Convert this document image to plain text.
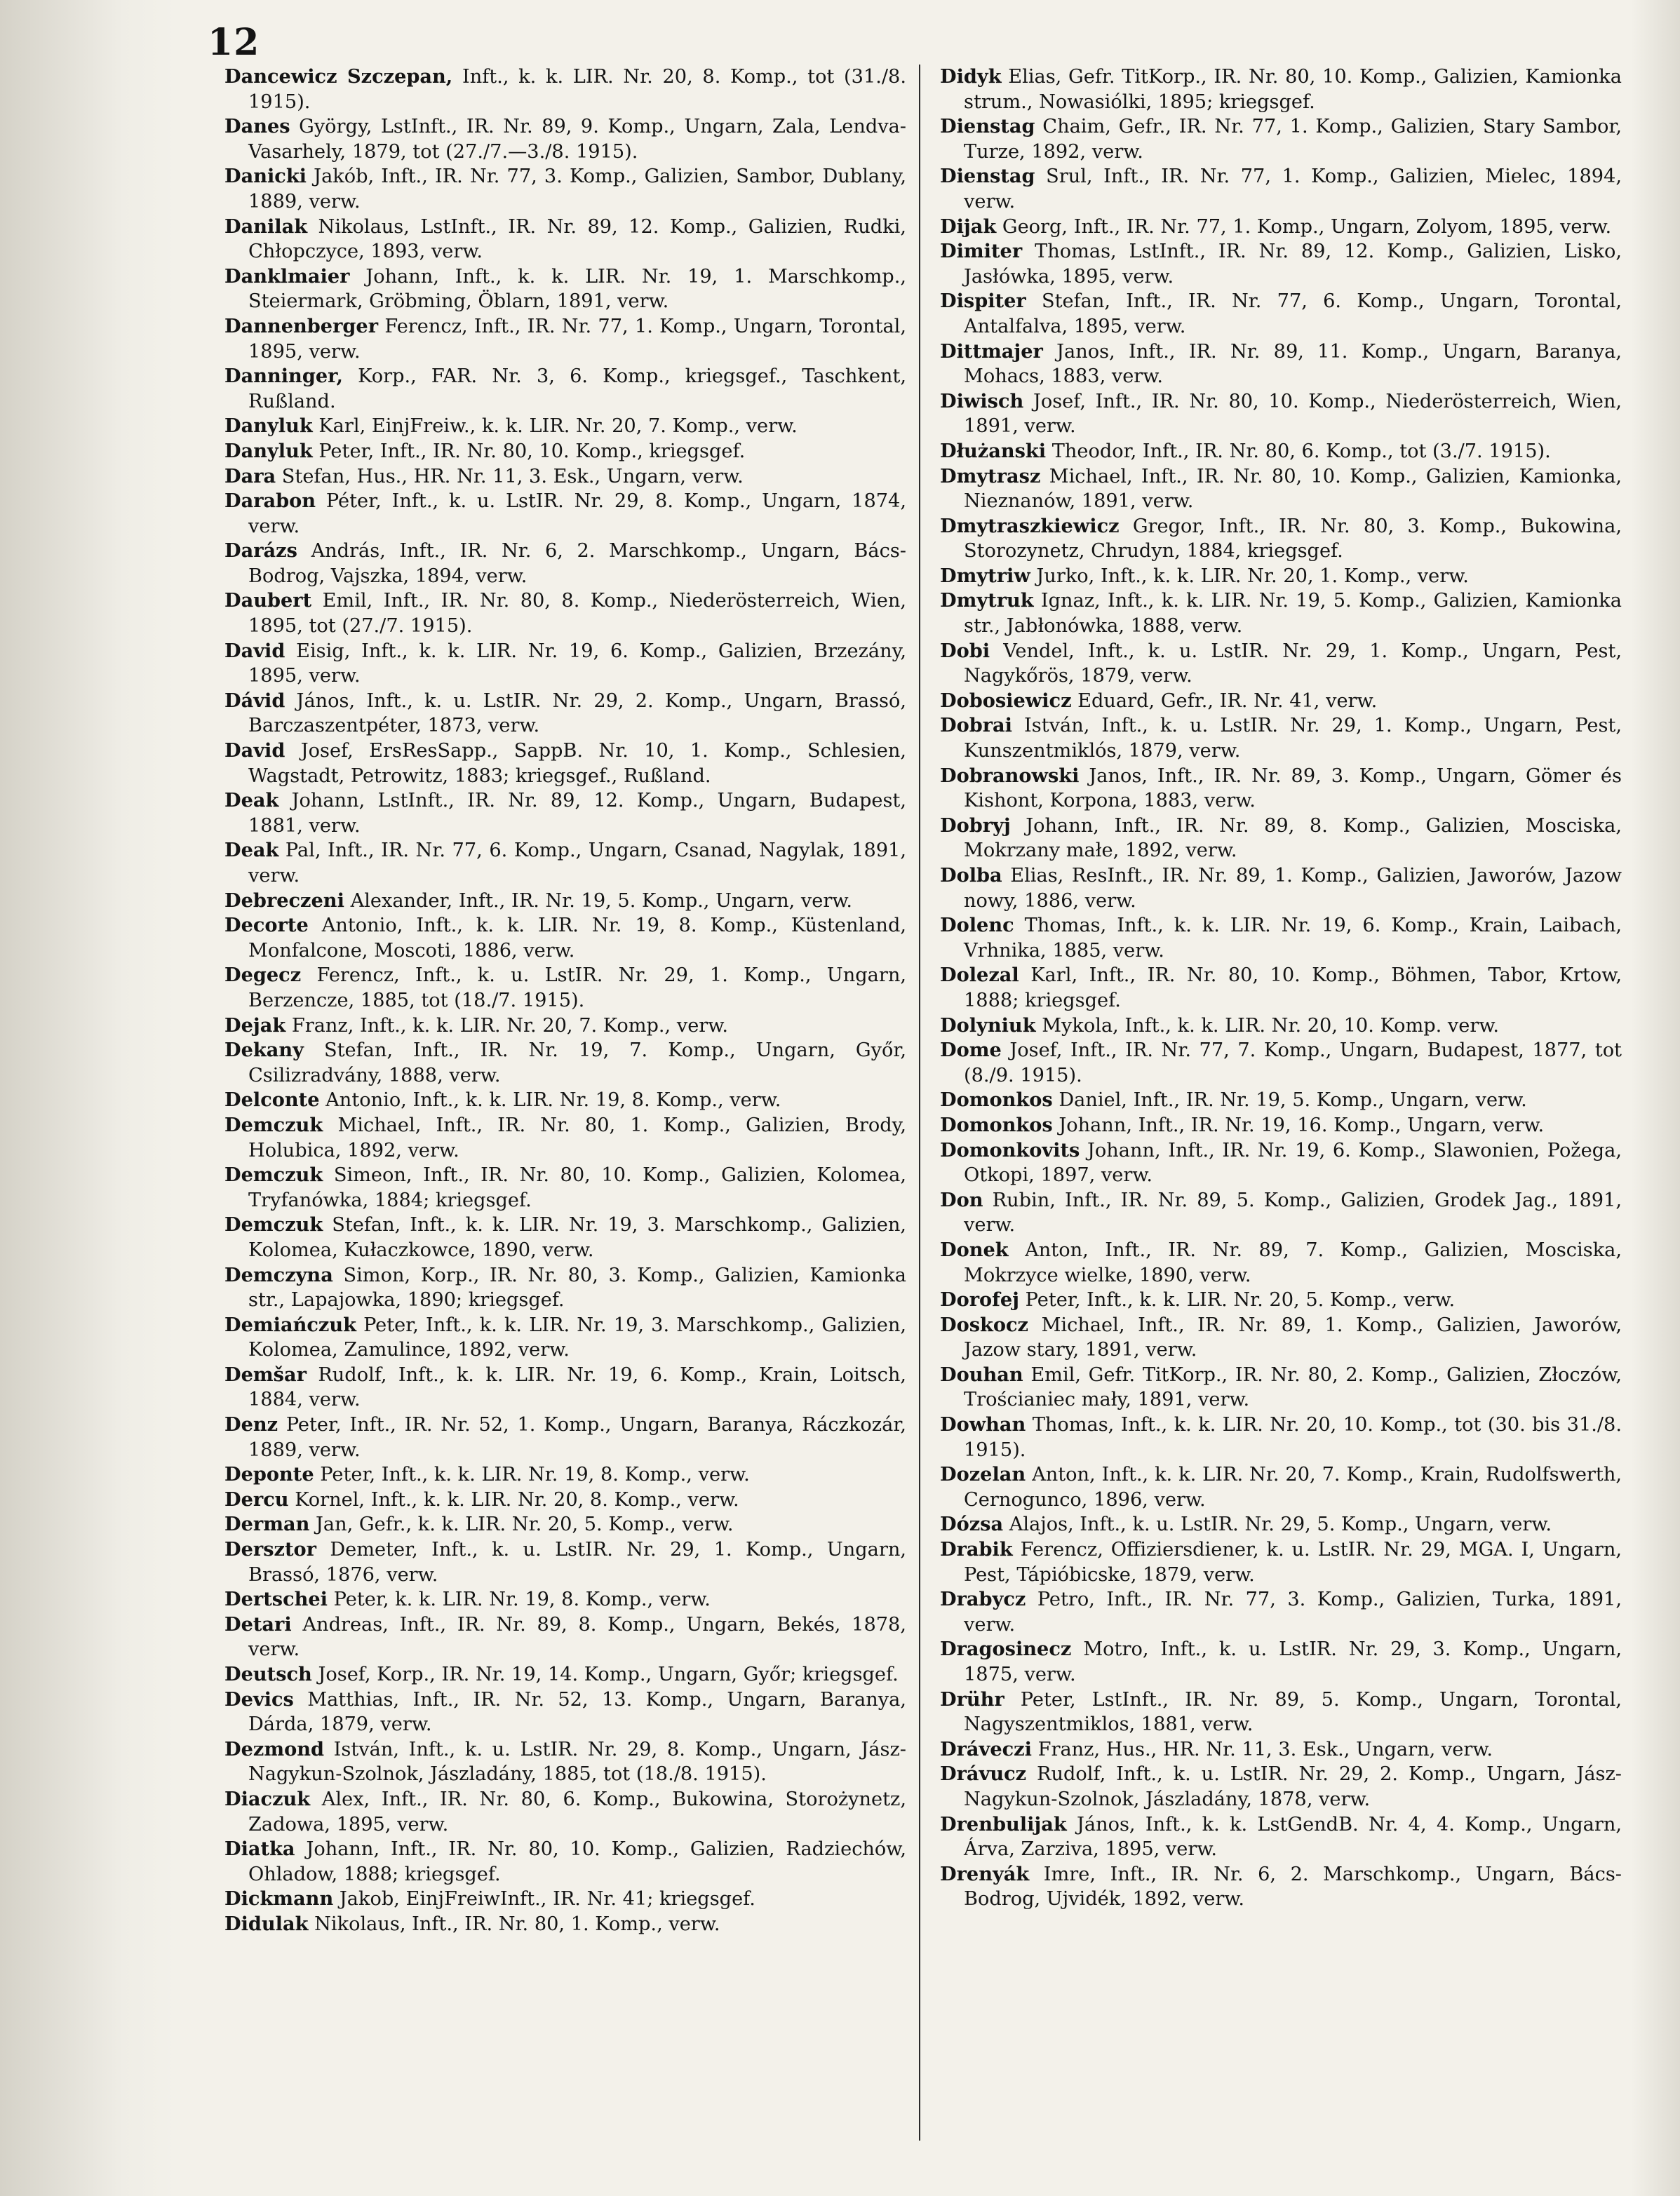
12

Dancewicz Szczepan, Inft., k. k. LIR. Nr. 20, 8. Komp., tot (31./8. 1915).

Danes György, LstInft., IR. Nr. 89, 9. Komp., Ungarn, Zala, Lendva-Vasarhely, 1879, tot (27./7.—3./8. 1915).

Danicki Jakób, Inft., IR. Nr. 77, 3. Komp., Galizien, Sambor, Dublany, 1889, verw.

Danilak Nikolaus, LstInft., IR. Nr. 89, 12. Komp., Galizien, Rudki, Chłopczyce, 1893, verw.

Danklmaier Johann, Inft., k. k. LIR. Nr. 19, 1. Marschkomp., Steiermark, Gröbming, Öblarn, 1891, verw.

Dannenberger Ferencz, Inft., IR. Nr. 77, 1. Komp., Ungarn, Torontal, 1895, verw.

Danninger, Korp., FAR. Nr. 3, 6. Komp., kriegsgef., Taschkent, Rußland.

Danyluk Karl, EinjFreiw., k. k. LIR. Nr. 20, 7. Komp., verw.

Danyluk Peter, Inft., IR. Nr. 80, 10. Komp., kriegsgef.

Dara Stefan, Hus., HR. Nr. 11, 3. Esk., Ungarn, verw.

Darabon Péter, Inft., k. u. LstIR. Nr. 29, 8. Komp., Ungarn, 1874, verw.

Darázs András, Inft., IR. Nr. 6, 2. Marschkomp., Ungarn, Bács-Bodrog, Vajszka, 1894, verw.

Daubert Emil, Inft., IR. Nr. 80, 8. Komp., Niederösterreich, Wien, 1895, tot (27./7. 1915).

David Eisig, Inft., k. k. LIR. Nr. 19, 6. Komp., Galizien, Brzezány, 1895, verw.

Dávid János, Inft., k. u. LstIR. Nr. 29, 2. Komp., Ungarn, Brassó, Barczaszentpéter, 1873, verw.

David Josef, ErsResSapp., SappB. Nr. 10, 1. Komp., Schlesien, Wagstadt, Petrowitz, 1883; kriegsgef., Rußland.

Deak Johann, LstInft., IR. Nr. 89, 12. Komp., Ungarn, Budapest, 1881, verw.

Deak Pal, Inft., IR. Nr. 77, 6. Komp., Ungarn, Csanad, Nagylak, 1891, verw.

Debreczeni Alexander, Inft., IR. Nr. 19, 5. Komp., Ungarn, verw.

Decorte Antonio, Inft., k. k. LIR. Nr. 19, 8. Komp., Küstenland, Monfalcone, Moscoti, 1886, verw.

Degecz Ferencz, Inft., k. u. LstIR. Nr. 29, 1. Komp., Ungarn, Berzencze, 1885, tot (18./7. 1915).

Dejak Franz, Inft., k. k. LIR. Nr. 20, 7. Komp., verw.

Dekany Stefan, Inft., IR. Nr. 19, 7. Komp., Ungarn, Győr, Csilizradvány, 1888, verw.

Delconte Antonio, Inft., k. k. LIR. Nr. 19, 8. Komp., verw.

Demczuk Michael, Inft., IR. Nr. 80, 1. Komp., Galizien, Brody, Holubica, 1892, verw.

Demczuk Simeon, Inft., IR. Nr. 80, 10. Komp., Galizien, Kolomea, Tryfanówka, 1884; kriegsgef.

Demczuk Stefan, Inft., k. k. LIR. Nr. 19, 3. Marschkomp., Galizien, Kolomea, Kułaczkowce, 1890, verw.

Demczyna Simon, Korp., IR. Nr. 80, 3. Komp., Galizien, Kamionka str., Lapajowka, 1890; kriegsgef.

Demiańczuk Peter, Inft., k. k. LIR. Nr. 19, 3. Marschkomp., Galizien, Kolomea, Zamulince, 1892, verw.

Demšar Rudolf, Inft., k. k. LIR. Nr. 19, 6. Komp., Krain, Loitsch, 1884, verw.

Denz Peter, Inft., IR. Nr. 52, 1. Komp., Ungarn, Baranya, Ráczkozár, 1889, verw.

Deponte Peter, Inft., k. k. LIR. Nr. 19, 8. Komp., verw.

Dercu Kornel, Inft., k. k. LIR. Nr. 20, 8. Komp., verw.

Derman Jan, Gefr., k. k. LIR. Nr. 20, 5. Komp., verw.

Dersztor Demeter, Inft., k. u. LstIR. Nr. 29, 1. Komp., Ungarn, Brassó, 1876, verw.

Dertschei Peter, k. k. LIR. Nr. 19, 8. Komp., verw.

Detari Andreas, Inft., IR. Nr. 89, 8. Komp., Ungarn, Bekés, 1878, verw.

Deutsch Josef, Korp., IR. Nr. 19, 14. Komp., Ungarn, Győr; kriegsgef.

Devics Matthias, Inft., IR. Nr. 52, 13. Komp., Ungarn, Baranya, Dárda, 1879, verw.

Dezmond István, Inft., k. u. LstIR. Nr. 29, 8. Komp., Ungarn, Jász-Nagykun-Szolnok, Jászladány, 1885, tot (18./8. 1915).

Diaczuk Alex, Inft., IR. Nr. 80, 6. Komp., Bukowina, Storożynetz, Zadowa, 1895, verw.

Diatka Johann, Inft., IR. Nr. 80, 10. Komp., Galizien, Radziechów, Ohladow, 1888; kriegsgef.

Dickmann Jakob, EinjFreiwInft., IR. Nr. 41; kriegsgef.

Didulak Nikolaus, Inft., IR. Nr. 80, 1. Komp., verw.

Didyk Elias, Gefr. TitKorp., IR. Nr. 80, 10. Komp., Galizien, Kamionka strum., Nowasiólki, 1895; kriegsgef.

Dienstag Chaim, Gefr., IR. Nr. 77, 1. Komp., Galizien, Stary Sambor, Turze, 1892, verw.

Dienstag Srul, Inft., IR. Nr. 77, 1. Komp., Galizien, Mielec, 1894, verw.

Dijak Georg, Inft., IR. Nr. 77, 1. Komp., Ungarn, Zolyom, 1895, verw.

Dimiter Thomas, LstInft., IR. Nr. 89, 12. Komp., Galizien, Lisko, Jasłówka, 1895, verw.

Dispiter Stefan, Inft., IR. Nr. 77, 6. Komp., Ungarn, Torontal, Antalfalva, 1895, verw.

Dittmajer Janos, Inft., IR. Nr. 89, 11. Komp., Ungarn, Baranya, Mohacs, 1883, verw.

Diwisch Josef, Inft., IR. Nr. 80, 10. Komp., Niederösterreich, Wien, 1891, verw.

Dłużanski Theodor, Inft., IR. Nr. 80, 6. Komp., tot (3./7. 1915).

Dmytrasz Michael, Inft., IR. Nr. 80, 10. Komp., Galizien, Kamionka, Nieznanów, 1891, verw.

Dmytraszkiewicz Gregor, Inft., IR. Nr. 80, 3. Komp., Bukowina, Storozynetz, Chrudyn, 1884, kriegsgef.

Dmytriw Jurko, Inft., k. k. LIR. Nr. 20, 1. Komp., verw.

Dmytruk Ignaz, Inft., k. k. LIR. Nr. 19, 5. Komp., Galizien, Kamionka str., Jabłonówka, 1888, verw.

Dobi Vendel, Inft., k. u. LstIR. Nr. 29, 1. Komp., Ungarn, Pest, Nagykőrös, 1879, verw.

Dobosiewicz Eduard, Gefr., IR. Nr. 41, verw.

Dobrai István, Inft., k. u. LstIR. Nr. 29, 1. Komp., Ungarn, Pest, Kunszentmiklós, 1879, verw.

Dobranowski Janos, Inft., IR. Nr. 89, 3. Komp., Ungarn, Gömer és Kishont, Korpona, 1883, verw.

Dobryj Johann, Inft., IR. Nr. 89, 8. Komp., Galizien, Mosciska, Mokrzany małe, 1892, verw.

Dolba Elias, ResInft., IR. Nr. 89, 1. Komp., Galizien, Jaworów, Jazow nowy, 1886, verw.

Dolenc Thomas, Inft., k. k. LIR. Nr. 19, 6. Komp., Krain, Laibach, Vrhnika, 1885, verw.

Dolezal Karl, Inft., IR. Nr. 80, 10. Komp., Böhmen, Tabor, Krtow, 1888; kriegsgef.

Dolyniuk Mykola, Inft., k. k. LIR. Nr. 20, 10. Komp. verw.

Dome Josef, Inft., IR. Nr. 77, 7. Komp., Ungarn, Budapest, 1877, tot (8./9. 1915).

Domonkos Daniel, Inft., IR. Nr. 19, 5. Komp., Ungarn, verw.

Domonkos Johann, Inft., IR. Nr. 19, 16. Komp., Ungarn, verw.

Domonkovits Johann, Inft., IR. Nr. 19, 6. Komp., Slawonien, Požega, Otkopi, 1897, verw.

Don Rubin, Inft., IR. Nr. 89, 5. Komp., Galizien, Grodek Jag., 1891, verw.

Donek Anton, Inft., IR. Nr. 89, 7. Komp., Galizien, Mosciska, Mokrzyce wielke, 1890, verw.

Dorofej Peter, Inft., k. k. LIR. Nr. 20, 5. Komp., verw.

Doskocz Michael, Inft., IR. Nr. 89, 1. Komp., Galizien, Jaworów, Jazow stary, 1891, verw.

Douhan Emil, Gefr. TitKorp., IR. Nr. 80, 2. Komp., Galizien, Złoczów, Trościaniec mały, 1891, verw.

Dowhan Thomas, Inft., k. k. LIR. Nr. 20, 10. Komp., tot (30. bis 31./8. 1915).

Dozelan Anton, Inft., k. k. LIR. Nr. 20, 7. Komp., Krain, Rudolfswerth, Cernogunco, 1896, verw.

Dózsa Alajos, Inft., k. u. LstIR. Nr. 29, 5. Komp., Ungarn, verw.

Drabik Ferencz, Offiziersdiener, k. u. LstIR. Nr. 29, MGA. I, Ungarn, Pest, Tápióbicske, 1879, verw.

Drabycz Petro, Inft., IR. Nr. 77, 3. Komp., Galizien, Turka, 1891, verw.

Dragosinecz Motro, Inft., k. u. LstIR. Nr. 29, 3. Komp., Ungarn, 1875, verw.

Drühr Peter, LstInft., IR. Nr. 89, 5. Komp., Ungarn, Torontal, Nagyszentmiklos, 1881, verw.

Dráveczi Franz, Hus., HR. Nr. 11, 3. Esk., Ungarn, verw.

Drávucz Rudolf, Inft., k. u. LstIR. Nr. 29, 2. Komp., Ungarn, Jász-Nagykun-Szolnok, Jászladány, 1878, verw.

Drenbulijak János, Inft., k. k. LstGendB. Nr. 4, 4. Komp., Ungarn, Árva, Zarziva, 1895, verw.

Drenyák Imre, Inft., IR. Nr. 6, 2. Marschkomp., Ungarn, Bács-Bodrog, Ujvidék, 1892, verw.
